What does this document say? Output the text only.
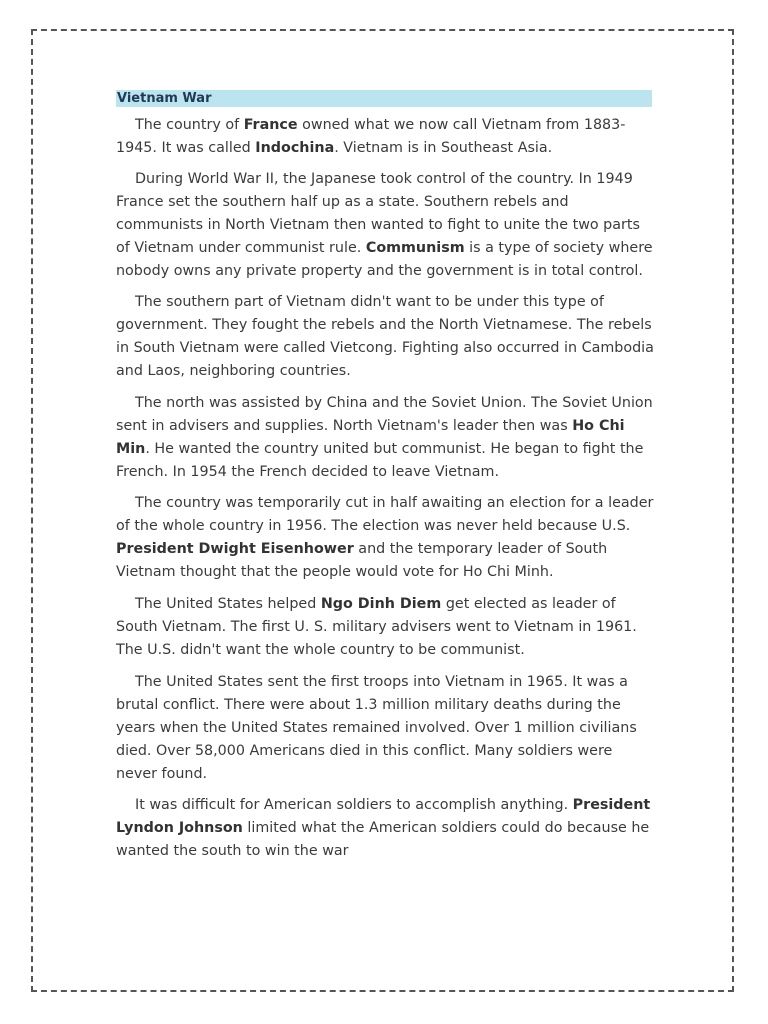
Vietnam War

The country of France owned what we now call Vietnam from 1883-1945. It was called Indochina. Vietnam is in Southeast Asia.

During World War II, the Japanese took control of the country. In 1949 France set the southern half up as a state. Southern rebels and communists in North Vietnam then wanted to fight to unite the two parts of Vietnam under communist rule. Communism is a type of society where nobody owns any private property and the government is in total control.

The southern part of Vietnam didn't want to be under this type of government. They fought the rebels and the North Vietnamese. The rebels in South Vietnam were called Vietcong. Fighting also occurred in Cambodia and Laos, neighboring countries.

The north was assisted by China and the Soviet Union. The Soviet Union sent in advisers and supplies. North Vietnam's leader then was Ho Chi Min. He wanted the country united but communist. He began to fight the French. In 1954 the French decided to leave Vietnam.

The country was temporarily cut in half awaiting an election for a leader of the whole country in 1956. The election was never held because U.S. President Dwight Eisenhower and the temporary leader of South Vietnam thought that the people would vote for Ho Chi Minh.

The United States helped Ngo Dinh Diem get elected as leader of South Vietnam. The first U. S. military advisers went to Vietnam in 1961. The U.S. didn't want the whole country to be communist.

The United States sent the first troops into Vietnam in 1965. It was a brutal conflict. There were about 1.3 million military deaths during the years when the United States remained involved. Over 1 million civilians died. Over 58,000 Americans died in this conflict. Many soldiers were never found.

It was difficult for American soldiers to accomplish anything. President Lyndon Johnson limited what the American soldiers could do because he wanted the south to win the war
